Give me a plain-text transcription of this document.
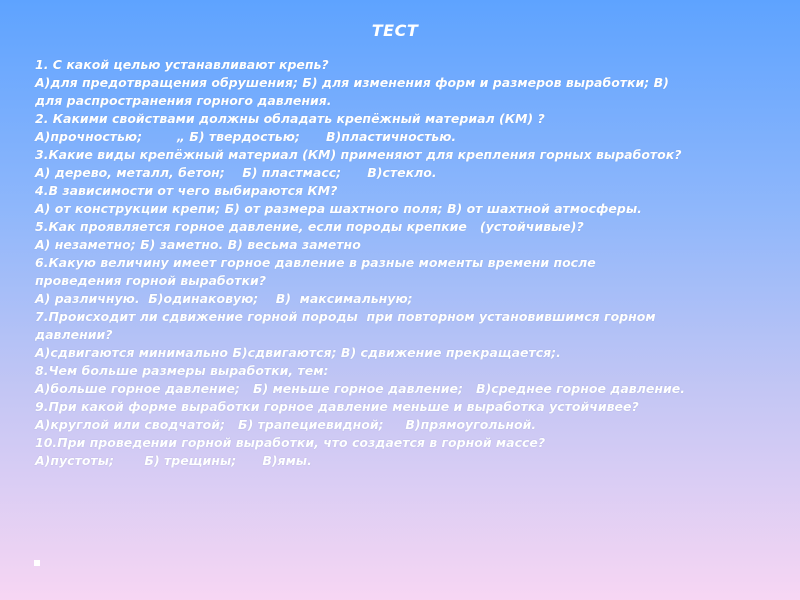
ТЕСТ

1. С какой целью устанавливают крепь?

А)для предотвращения обрушения; Б) для изменения форм и размеров выработки; В)

для распространения горного давления.

2. Какими свойствами должны обладать крепёжный материал (КМ) ?

А)прочностью;        „ Б) твердостью;      В)пластичностью.

3.Какие виды крепёжный материал (КМ) применяют для крепления горных выработок?

А) дерево, металл, бетон;    Б) пластмасс;      В)стекло.

4.В зависимости от чего выбираются КМ?

А) от конструкции крепи; Б) от размера шахтного поля; В) от шахтной атмосферы.

5.Как проявляется горное давление, если породы крепкие   (устойчивые)?

А) незаметно; Б) заметно. В) весьма заметно

6.Какую величину имеет горное давление в разные моменты времени после

проведения горной выработки?

А) различную.  Б)одинаковую;    В)  максимальную;

7.Происходит ли сдвижение горной породы  при повторном установившимся горном

давлении?

А)сдвигаются минимально Б)сдвигаются; В) сдвижение прекращается;.

8.Чем больше размеры выработки, тем:

А)больше горное давление;   Б) меньше горное давление;   В)среднее горное давление.

9.При какой форме выработки горное давление меньше и выработка устойчивее?

А)круглой или сводчатой;   Б) трапециевидной;     В)прямоугольной.

10.При проведении горной выработки, что создается в горной массе?

А)пустоты;       Б) трещины;      В)ямы.
